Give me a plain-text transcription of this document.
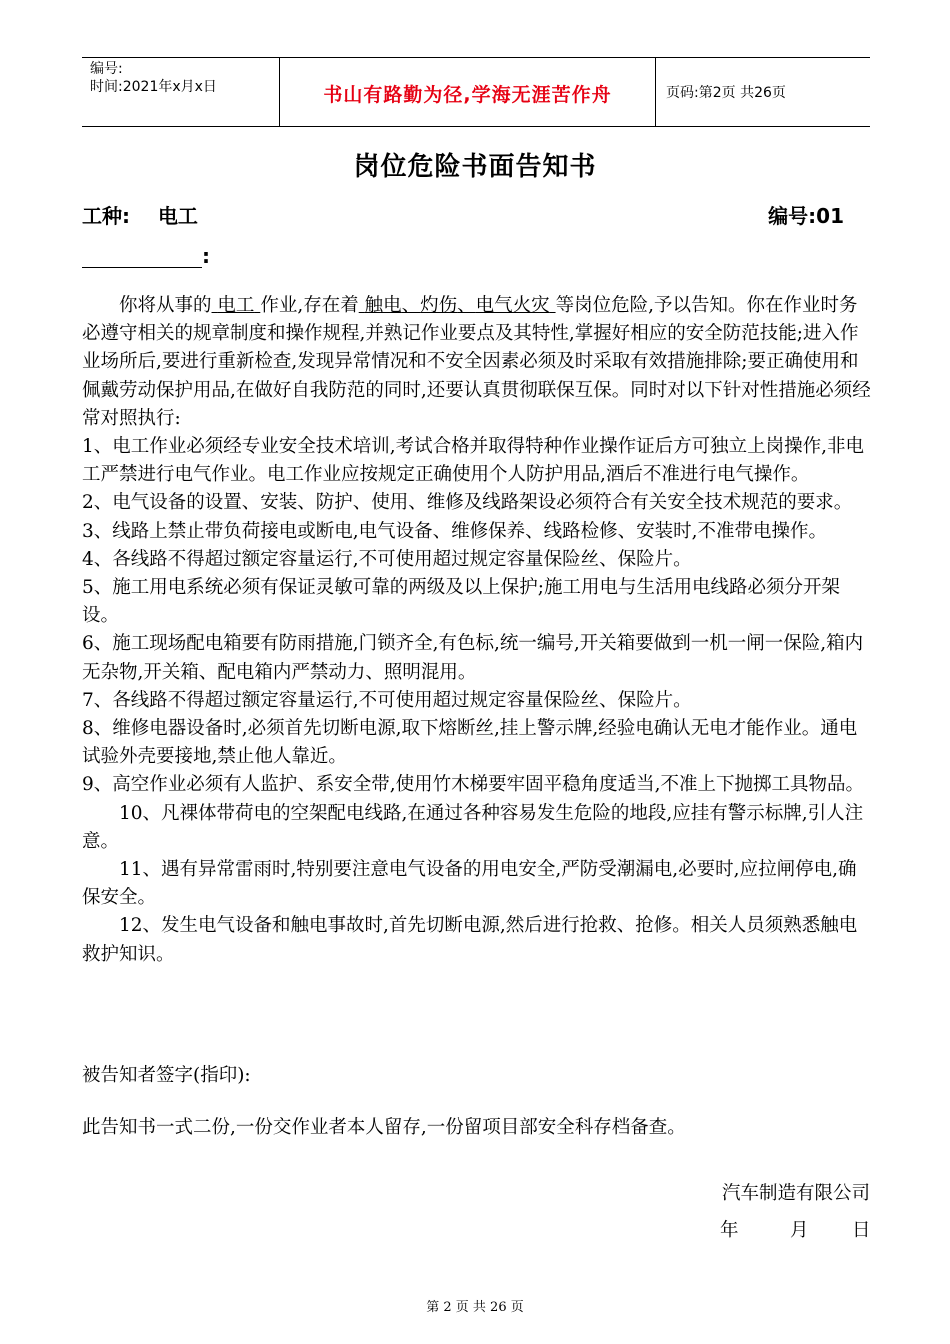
编号:
时间:2021年x月x日	书山有路勤为径,学海无涯苦作舟	页码:第2页 共26页
岗位危险书面告知书
工种: 电工	编号:01
:

你将从事的 电工 作业,存在着 触电、灼伤、电气火灾 等岗位危险,予以告知。你在作业时务必遵守相关的规章制度和操作规程,并熟记作业要点及其特性,掌握好相应的安全防范技能;进入作业场所后,要进行重新检查,发现异常情况和不安全因素必须及时采取有效措施排除;要正确使用和佩戴劳动保护用品,在做好自我防范的同时,还要认真贯彻联保互保。同时对以下针对性措施必须经常对照执行:

1、电工作业必须经专业安全技术培训,考试合格并取得特种作业操作证后方可独立上岗操作,非电工严禁进行电气作业。电工作业应按规定正确使用个人防护用品,酒后不准进行电气操作。

2、电气设备的设置、安装、防护、使用、维修及线路架设必须符合有关安全技术规范的要求。

3、线路上禁止带负荷接电或断电,电气设备、维修保养、线路检修、安装时,不准带电操作。

4、各线路不得超过额定容量运行,不可使用超过规定容量保险丝、保险片。

5、施工用电系统必须有保证灵敏可靠的两级及以上保护;施工用电与生活用电线路必须分开架设。

6、施工现场配电箱要有防雨措施,门锁齐全,有色标,统一编号,开关箱要做到一机一闸一保险,箱内无杂物,开关箱、配电箱内严禁动力、照明混用。

7、各线路不得超过额定容量运行,不可使用超过规定容量保险丝、保险片。

8、维修电器设备时,必须首先切断电源,取下熔断丝,挂上警示牌,经验电确认无电才能作业。通电试验外壳要接地,禁止他人靠近。

9、高空作业必须有人监护、系安全带,使用竹木梯要牢固平稳角度适当,不准上下抛掷工具物品。

10、凡裸体带荷电的空架配电线路,在通过各种容易发生危险的地段,应挂有警示标牌,引人注意。

11、遇有异常雷雨时,特别要注意电气设备的用电安全,严防受潮漏电,必要时,应拉闸停电,确保安全。

12、发生电气设备和触电事故时,首先切断电源,然后进行抢救、抢修。相关人员须熟悉触电救护知识。

被告知者签字(指印):
此告知书一式二份,一份交作业者本人留存,一份留项目部安全科存档备查。
汽车制造有限公司
年	月 日
第 2 页 共 26 页
